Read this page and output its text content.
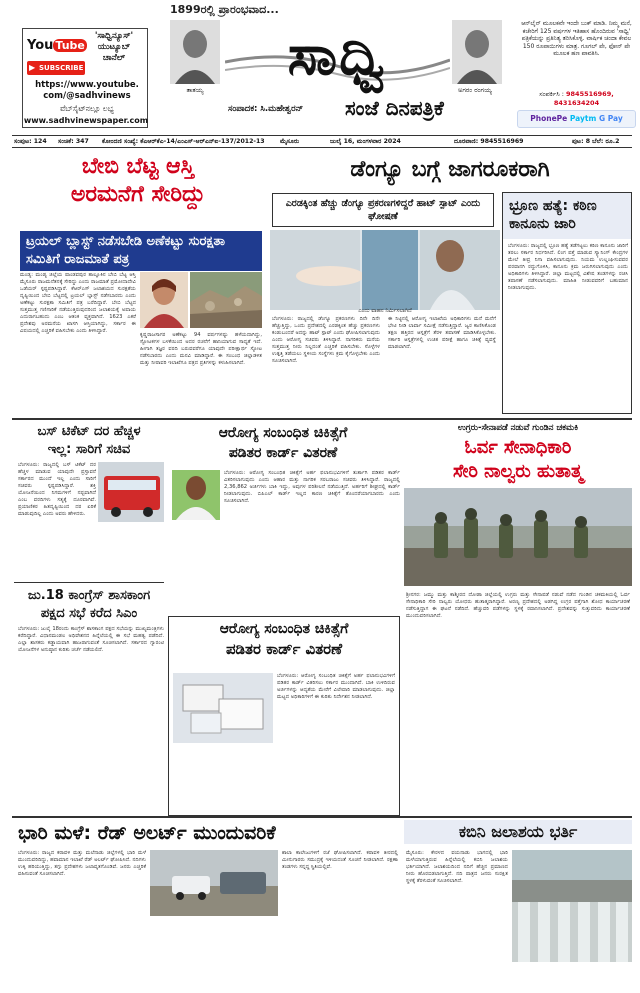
You Tube
'ಸಾಧ್ವಿನ್ಯೂಸ್'
ಯುಟ್ಯೂಬ್
ಚಾನೆಲ್
▶ SUBSCRIBE
https://www.youtube.
com/@sadhvinews
ವೆಬ್‌ಸೈಟ್‌ನಲ್ಲೂ ಲಭ್ಯ
www.sadhvinewspaper.com
1899ರಲ್ಲಿ ಪ್ರಾರಂಭವಾದ...
ತಾತಯ್ಯ
ಸಾಧ್ವಿ
ಅಗರಂ ರಂಗಯ್ಯ
ಸಂಪಾದಕ: ಸಿ.ಮಹೇಶ್ವರನ್	ಸಂಜೆ ದಿನಪತ್ರಿಕೆ
ಆನ್‌ಲೈನ್ ಮೂಲಕವೇ ಇಂದೇ ಬುಕ್ ಮಾಡಿ. ನಿಮ್ಮ ಮನೆ, ಕಚೇರಿಗೆ 125 ವರ್ಷಗಳ ಇತಿಹಾಸ ಹೊಂದಿರುವ 'ಸಾಧ್ವಿ' ಪತ್ರಿಕೆಯನ್ನು ಪ್ರತಿನಿತ್ಯ ತರಿಸಿಕೊಳ್ಳಿ. ವಾರ್ಷಿಕ ಚಂದಾ ಕೇವಲ 150 ರೂಪಾಯಿಗಳು ಮಾತ್ರ. ಗೂಗಲ್ ಪೇ, ಫೋನ್ ಪೇ ಮೂಲಕ ಹಣ ಪಾವತಿಸಿ.
ಸಂಪರ್ಕಿಸಿ : 9845516969, 8431634204
PhonePe Paytm G Pay
ಸಂಪುಟ: 124 ಸಂಚಿಕೆ: 347 ಕೋಂದಣಿ ಸಂಖ್ಯೆ: ಕೆಎಆರ್‌ಕೆಎ-14/ಎಂಎಸ್-ಆರ್‌ಎನ್‌ಐ-137/2012-13 ಮೈಸೂರು	ಜುಲೈ 16, ಮಂಗಳವಾರ 2024	ದೂರವಾಣಿ: 9845516969	ಪುಟ: 8 ಬೆಲೆ: ರೂ.2
ಬೇಬಿ ಬೆಟ್ಟ ಆಸ್ತಿ
ಅರಮನೆಗೆ ಸೇರಿದ್ದು
ಟ್ರಯಲ್ ಬ್ಲಾಸ್ಟ್ ನಡೆಸಬೇಡಿ ಅಣೆಕಟ್ಟು ಸುರಕ್ಷತಾ ಸಮಿತಿಗೆ ರಾಜಮಾತೆ ಪತ್ರ
ಮಂಡ್ಯ: ಮಂಡ್ಯ ಜಿಲ್ಲೆಯ ಪಾಂಡವಪುರ ತಾಲ್ಲೂಕಿನ ಬೇಬಿ ಬೆಟ್ಟ ಆಸ್ತಿ ಮೈಸೂರು ರಾಜಮನೆತನಕ್ಕೆ ಸೇರಿದ್ದು ಎಂದು ರಾಜಮಾತೆ ಪ್ರಮೋದಾದೇವಿ ಒಡೆಯರ್ ಸ್ಪಷ್ಟಪಡಿಸಿದ್ದಾರೆ. ಕೆಆರ್‌ಎಸ್ ಜಲಾಶಯದ ಸುರಕ್ಷತೆಯ ದೃಷ್ಟಿಯಿಂದ ಬೇಬಿ ಬೆಟ್ಟದಲ್ಲಿ ಟ್ರಯಲ್ ಬ್ಲಾಸ್ಟ್ ನಡೆಸಬಾರದು ಎಂದು ಅಣೆಕಟ್ಟು ಸುರಕ್ಷತಾ ಸಮಿತಿಗೆ ಪತ್ರ ಬರೆದಿದ್ದಾರೆ. ಬೇಬಿ ಬೆಟ್ಟದ ಸುತ್ತಮುತ್ತ ಗಣಿಗಾರಿಕೆ ನಡೆಯುತ್ತಿರುವುದರಿಂದ ಜಲಾಶಯಕ್ಕೆ ಅಪಾಯ ಎದುರಾಗಬಹುದು ಎಂಬ ಆತಂಕ ವ್ಯಕ್ತವಾಗಿದೆ. 1623 ಎಕರೆ ಪ್ರದೇಶವು ಅರಮನೆಯ ಖಾಸಗಿ ಆಸ್ತಿಯಾಗಿದ್ದು, ಸರ್ಕಾರ ಈ ವಿಷಯದಲ್ಲಿ ಎಚ್ಚರಿಕೆ ವಹಿಸಬೇಕು ಎಂದು ತಿಳಿಸಿದ್ದಾರೆ.
ಕೃಷ್ಣರಾಜಸಾಗರ ಅಣೆಕಟ್ಟು 94 ವರ್ಷಗಳಷ್ಟು ಹಳೆಯದಾಗಿದ್ದು, ಸ್ಫೋಟಕಗಳ ಬಳಕೆಯಿಂದ ಅದರ ರಚನೆಗೆ ಹಾನಿಯಾಗುವ ಸಾಧ್ಯತೆ ಇದೆ. ಹೀಗಾಗಿ ತಜ್ಞರ ವರದಿ ಬರುವವರೆಗೂ ಯಾವುದೇ ಪರೀಕ್ಷಾರ್ಥ ಸ್ಫೋಟ ನಡೆಸಬಾರದು ಎಂದು ಮನವಿ ಮಾಡಿದ್ದಾರೆ. ಈ ಸಂಬಂಧ ಜಿಲ್ಲಾಡಳಿತ ಮತ್ತು ನೀರಾವರಿ ಇಲಾಖೆಗೂ ಪತ್ರದ ಪ್ರತಿಗಳನ್ನು ಕಳುಹಿಸಲಾಗಿದೆ.
ಡೆಂಗ್ಯೂ ಬಗ್ಗೆ ಜಾಗರೂಕರಾಗಿ
ಎರಡಕ್ಕಿಂತ ಹೆಚ್ಚು ಡೆಂಗ್ಯೂ ಪ್ರಕರಣಗಳಿದ್ದರೆ ಹಾಟ್ ಸ್ಪಾಟ್ ಎಂದು ಘೋಷಣೆ
ಬೆಂಗಳೂರು: ರಾಜ್ಯದಲ್ಲಿ ಡೆಂಗ್ಯೂ ಪ್ರಕರಣಗಳು ದಿನೇ ದಿನೇ ಹೆಚ್ಚುತ್ತಿದ್ದು, ಒಂದು ಪ್ರದೇಶದಲ್ಲಿ ಎರಡಕ್ಕಿಂತ ಹೆಚ್ಚು ಪ್ರಕರಣಗಳು ಕಂಡುಬಂದರೆ ಅದನ್ನು ಹಾಟ್ ಸ್ಪಾಟ್ ಎಂದು ಘೋಷಿಸಲಾಗುವುದು ಎಂದು ಆರೋಗ್ಯ ಸಚಿವರು ತಿಳಿಸಿದ್ದಾರೆ. ನಾಗರಿಕರು ಮನೆಯ ಸುತ್ತಮುತ್ತ ನೀರು ನಿಲ್ಲದಂತೆ ಎಚ್ಚರಿಕೆ ವಹಿಸಬೇಕು. ಸೊಳ್ಳೆಗಳ ಉತ್ಪತ್ತಿ ತಡೆಯಲು ಸ್ಥಳೀಯ ಸಂಸ್ಥೆಗಳು ಕ್ರಮ ಕೈಗೊಳ್ಳಬೇಕು ಎಂದು ಸೂಚಿಸಲಾಗಿದೆ.
ಈ ನಿಟ್ಟಿನಲ್ಲಿ ಆರೋಗ್ಯ ಇಲಾಖೆಯ ಅಧಿಕಾರಿಗಳು ಮನೆ ಮನೆಗೆ ಭೇಟಿ ನೀಡಿ ಲಾರ್ವಾ ಸಮೀಕ್ಷೆ ನಡೆಸುತ್ತಿದ್ದಾರೆ. ಜ್ವರ ಕಾಣಿಸಿಕೊಂಡ ತಕ್ಷಣ ಹತ್ತಿರದ ಆಸ್ಪತ್ರೆಗೆ ತೆರಳಿ ತಪಾಸಣೆ ಮಾಡಿಸಿಕೊಳ್ಳಬೇಕು. ಸರ್ಕಾರಿ ಆಸ್ಪತ್ರೆಗಳಲ್ಲಿ ಉಚಿತ ಪರೀಕ್ಷೆ ಹಾಗೂ ಚಿಕಿತ್ಸೆ ವ್ಯವಸ್ಥೆ ಮಾಡಲಾಗಿದೆ.
ಎಂದು ವಾಹನ ನಿರ್ಮಿಸಲಾಗಿದೆ
ಭ್ರೂಣ ಹತ್ಯೆ: ಕಠಿಣ ಕಾನೂನು ಜಾರಿ
ಬೆಂಗಳೂರು: ರಾಜ್ಯದಲ್ಲಿ ಭ್ರೂಣ ಹತ್ಯೆ ತಡೆಗಟ್ಟಲು ಕಠಿಣ ಕಾನೂನು ಜಾರಿಗೆ ತರಲು ಸರ್ಕಾರ ನಿರ್ಧರಿಸಿದೆ. ಲಿಂಗ ಪತ್ತೆ ಮಾಡುವ ಸ್ಕ್ಯಾನಿಂಗ್ ಕೇಂದ್ರಗಳ ಮೇಲೆ ತೀವ್ರ ನಿಗಾ ವಹಿಸಲಾಗುವುದು. ನಿಯಮ ಉಲ್ಲಂಘಿಸುವವರ ಪರವಾನಗಿ ರದ್ದುಗೊಳಿಸಿ, ಕಾನೂನು ಕ್ರಮ ಜರುಗಿಸಲಾಗುವುದು ಎಂದು ಅಧಿಕಾರಿಗಳು ತಿಳಿಸಿದ್ದಾರೆ. ಜಿಲ್ಲಾ ಮಟ್ಟದಲ್ಲಿ ವಿಶೇಷ ತಂಡಗಳನ್ನು ರಚಿಸಿ ತಪಾಸಣೆ ನಡೆಸಲಾಗುವುದು. ಮಾಹಿತಿ ನೀಡುವವರಿಗೆ ಬಹುಮಾನ ನೀಡಲಾಗುವುದು.
ಬಸ್ ಟಿಕೆಟ್ ದರ ಹೆಚ್ಚಳ
ಇಲ್ಲ: ಸಾರಿಗೆ ಸಚಿವ
ಬೆಂಗಳೂರು: ರಾಜ್ಯದಲ್ಲಿ ಬಸ್ ಟಿಕೆಟ್ ದರ ಹೆಚ್ಚಳ ಮಾಡುವ ಯಾವುದೇ ಪ್ರಸ್ತಾವನೆ ಸರ್ಕಾರದ ಮುಂದೆ ಇಲ್ಲ ಎಂದು ಸಾರಿಗೆ ಸಚಿವರು ಸ್ಪಷ್ಟಪಡಿಸಿದ್ದಾರೆ. ಶಕ್ತಿ ಯೋಜನೆಯಿಂದ ನಿಗಮಗಳಿಗೆ ನಷ್ಟವಾಗಿದೆ ಎಂಬ ವರದಿಗಳು ಸತ್ಯಕ್ಕೆ ದೂರವಾಗಿವೆ. ಪ್ರಯಾಣಿಕರ ಹಿತದೃಷ್ಟಿಯಿಂದ ದರ ಏರಿಕೆ ಮಾಡುವುದಿಲ್ಲ ಎಂದು ಅವರು ಹೇಳಿದರು.
ಜು.18 ಕಾಂಗ್ರೆಸ್ ಶಾಸಕಾಂಗ
ಪಕ್ಷದ ಸಭೆ ಕರೆದ ಸಿಎಂ
ಬೆಂಗಳೂರು: ಜುಲೈ 18ರಂದು ಕಾಂಗ್ರೆಸ್ ಶಾಸಕಾಂಗ ಪಕ್ಷದ ಸಭೆಯನ್ನು ಮುಖ್ಯಮಂತ್ರಿಗಳು ಕರೆದಿದ್ದಾರೆ. ವಿಧಾನಮಂಡಲ ಅಧಿವೇಶನದ ಹಿನ್ನೆಲೆಯಲ್ಲಿ ಈ ಸಭೆ ಮಹತ್ವ ಪಡೆದಿದೆ. ಎಲ್ಲಾ ಶಾಸಕರು ಕಡ್ಡಾಯವಾಗಿ ಹಾಜರಾಗುವಂತೆ ಸೂಚಿಸಲಾಗಿದೆ. ಸರ್ಕಾರದ ಗ್ಯಾರಂಟಿ ಯೋಜನೆಗಳ ಅನುಷ್ಠಾನ ಕುರಿತು ಚರ್ಚೆ ನಡೆಯಲಿದೆ.
ಆರೋಗ್ಯ ಸಂಬಂಧಿತ ಚಿಕಿತ್ಸೆಗೆ
ಪಡಿತರ ಕಾರ್ಡ್ ವಿತರಣೆ
ಬೆಂಗಳೂರು: ಆರೋಗ್ಯ ಸಂಬಂಧಿತ ಚಿಕಿತ್ಸೆಗೆ ಅರ್ಹ ಫಲಾನುಭವಿಗಳಿಗೆ ತುರ್ತಾಗಿ ಪಡಿತರ ಕಾರ್ಡ್ ವಿತರಿಸಲಾಗುವುದು ಎಂದು ಆಹಾರ ಮತ್ತು ನಾಗರಿಕ ಸರಬರಾಜು ಸಚಿವರು ತಿಳಿಸಿದ್ದಾರೆ. ರಾಜ್ಯದಲ್ಲಿ 2,36,862 ಅರ್ಜಿಗಳು ಬಾಕಿ ಇದ್ದು, ಅವುಗಳ ಪರಿಶೀಲನೆ ನಡೆಯುತ್ತಿದೆ. ಅರ್ಹರಿಗೆ ಶೀಘ್ರದಲ್ಲಿ ಕಾರ್ಡ್ ನೀಡಲಾಗುವುದು. ಬಿಪಿಎಲ್ ಕಾರ್ಡ್ ಇಲ್ಲದ ಕಾರಣ ಚಿಕಿತ್ಸೆಗೆ ತೊಂದರೆಯಾಗಬಾರದು ಎಂದು ಸೂಚಿಸಲಾಗಿದೆ.
ಉಗ್ರರು-ಸೇನಾಪಡೆ ನಡುವೆ ಗುಂಡಿನ ಚಕಮಕಿ
ಓರ್ವ ಸೇನಾಧಿಕಾರಿ
ಸೇರಿ ನಾಲ್ವರು ಹುತಾತ್ಮ
ಶ್ರೀನಗರ: ಜಮ್ಮು ಮತ್ತು ಕಾಶ್ಮೀರದ ದೋಡಾ ಜಿಲ್ಲೆಯಲ್ಲಿ ಉಗ್ರರು ಮತ್ತು ಸೇನಾಪಡೆ ನಡುವೆ ನಡೆದ ಗುಂಡಿನ ಚಕಮಕಿಯಲ್ಲಿ ಓರ್ವ ಸೇನಾಧಿಕಾರಿ ಸೇರಿ ನಾಲ್ವರು ಯೋಧರು ಹುತಾತ್ಮರಾಗಿದ್ದಾರೆ. ಅರಣ್ಯ ಪ್ರದೇಶದಲ್ಲಿ ಅಡಗಿದ್ದ ಉಗ್ರರ ಪತ್ತೆಗಾಗಿ ಶೋಧ ಕಾರ್ಯಾಚರಣೆ ನಡೆಸುತ್ತಿದ್ದಾಗ ಈ ಘಟನೆ ನಡೆದಿದೆ. ಹೆಚ್ಚುವರಿ ಪಡೆಗಳನ್ನು ಸ್ಥಳಕ್ಕೆ ರವಾನಿಸಲಾಗಿದೆ. ಪ್ರದೇಶವನ್ನು ಸುತ್ತುವರಿದು ಕಾರ್ಯಾಚರಣೆ ಮುಂದುವರಿಸಲಾಗಿದೆ.
ಆರೋಗ್ಯ ಸಂಬಂಧಿತ ಚಿಕಿತ್ಸೆಗೆ
ಪಡಿತರ ಕಾರ್ಡ್ ವಿತರಣೆ
ಬೆಂಗಳೂರು: ಆರೋಗ್ಯ ಸಂಬಂಧಿತ ಚಿಕಿತ್ಸೆಗೆ ಅರ್ಹ ಫಲಾನುಭವಿಗಳಿಗೆ ಪಡಿತರ ಕಾರ್ಡ್ ವಿತರಿಸಲು ಸರ್ಕಾರ ಮುಂದಾಗಿದೆ. ಬಾಕಿ ಉಳಿದಿರುವ ಅರ್ಜಿಗಳನ್ನು ಆದ್ಯತೆಯ ಮೇರೆಗೆ ವಿಲೇವಾರಿ ಮಾಡಲಾಗುವುದು. ಜಿಲ್ಲಾ ಮಟ್ಟದ ಅಧಿಕಾರಿಗಳಿಗೆ ಈ ಕುರಿತು ನಿರ್ದೇಶನ ನೀಡಲಾಗಿದೆ.
ಭಾರಿ ಮಳೆ: ರೆಡ್ ಅಲರ್ಟ್ ಮುಂದುವರಿಕೆ
ಬೆಂಗಳೂರು: ರಾಜ್ಯದ ಕರಾವಳಿ ಮತ್ತು ಮಲೆನಾಡು ಜಿಲ್ಲೆಗಳಲ್ಲಿ ಭಾರಿ ಮಳೆ ಮುಂದುವರಿದಿದ್ದು, ಹವಾಮಾನ ಇಲಾಖೆ ರೆಡ್ ಅಲರ್ಟ್ ಘೋಷಿಸಿದೆ. ನದಿಗಳು ಉಕ್ಕಿ ಹರಿಯುತ್ತಿದ್ದು, ತಗ್ಗು ಪ್ರದೇಶಗಳು ಜಲಾವೃತಗೊಂಡಿವೆ. ಜನರು ಎಚ್ಚರಿಕೆ ವಹಿಸುವಂತೆ ಸೂಚಿಸಲಾಗಿದೆ.
ಶಾಲಾ ಕಾಲೇಜುಗಳಿಗೆ ರಜೆ ಘೋಷಿಸಲಾಗಿದೆ. ಕರಾವಳಿ ತೀರದಲ್ಲಿ ಮೀನುಗಾರರು ಸಮುದ್ರಕ್ಕೆ ಇಳಿಯದಂತೆ ಸೂಚನೆ ನೀಡಲಾಗಿದೆ. ರಕ್ಷಣಾ ತಂಡಗಳು ಸನ್ನದ್ಧ ಸ್ಥಿತಿಯಲ್ಲಿವೆ.
ಕಬಿನಿ ಜಲಾಶಯ ಭರ್ತಿ
ಮೈಸೂರು: ಕೇರಳದ ವಯನಾಡು ಭಾಗದಲ್ಲಿ ಭಾರಿ ಮಳೆಯಾಗುತ್ತಿರುವ ಹಿನ್ನೆಲೆಯಲ್ಲಿ ಕಬಿನಿ ಜಲಾಶಯ ಭರ್ತಿಯಾಗಿದೆ. ಜಲಾಶಯದಿಂದ ನದಿಗೆ ಹೆಚ್ಚಿನ ಪ್ರಮಾಣದ ನೀರು ಹೊರಬಿಡಲಾಗುತ್ತಿದೆ. ನದಿ ಪಾತ್ರದ ಜನರು ಸುರಕ್ಷಿತ ಸ್ಥಳಕ್ಕೆ ತೆರಳುವಂತೆ ಸೂಚಿಸಲಾಗಿದೆ.
